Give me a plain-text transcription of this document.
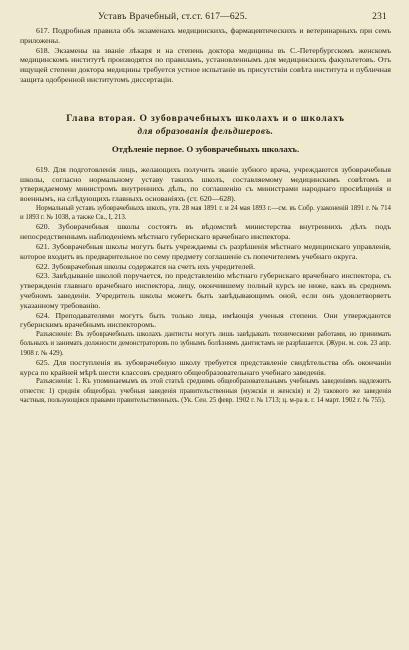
Уставъ Врачебный, ст.ст. 617—625.	231

617. Подробныя правила объ экзаменахъ медицинскихъ, фармацевтическихъ и ветеринарныхъ при семъ приложены.

618. Экзамены на званіе лѣкаря и на степень доктора медицины въ С.-Петербургскомъ женскомъ медицинскомъ институтѣ производятся по правиламъ, установленнымъ для медицинскихъ факультетовъ. Отъ ищущей степени доктора медицины требуется устное испытаніе въ присутствіи совѣта института и публичная защита одобренной институтомъ диссертаціи.

Глава вторая. О зубоврачебныхъ школахъ и о школахъ
для образованія фельдшеровъ.
Отдѣленіе первое. О зубоврачебныхъ школахъ.

619. Для подготовленія лицъ, желающихъ получить званіе зубного врача, учреждаются зубоврачебныя школы, согласно нормальному уставу такихъ школъ, составляемому медицинскимъ совѣтомъ и утверждаемому министромъ внутреннихъ дѣлъ, по соглашенію съ министрами народнаго просвѣщенія и военнымъ, на слѣдующихъ главныхъ основаніяхъ (ст. 620—628).

Нормальный уставъ зубоврачебныхъ школъ, утв. 28 мая 1891 г. и 24 мая 1893 г.—см. въ Собр. узаконеній 1891 г. № 714 и 1893 г. № 1038, а также Св., I, 213.

620. Зубоврачебныя школы состоятъ въ вѣдомствѣ министерства внутреннихъ дѣлъ подъ непосредственнымъ наблюденіемъ мѣстнаго губернскаго врачебнаго инспектора.

621. Зубоврачебныя школы могутъ быть учреждаемы съ разрѣшенія мѣстнаго медицинскаго управленія, которое входитъ въ предварительное по сему предмету соглашеніе съ попечителемъ учебнаго округа.

622. Зубоврачебныя школы содержатся на счетъ ихъ учредителей.

623. Завѣдываніе школой поручается, по представленію мѣстнаго губернскаго врачебнаго инспектора, съ утвержденія главнаго врачебнаго инспектора, лицу, окончившему полный курсъ не ниже, какъ въ среднемъ учебномъ заведеніи. Учредитель школы можетъ быть завѣдывающимъ оной, если онъ удовлетворяетъ указанному требованію.

624. Преподавателями могутъ быть только лица, имѣющія ученыя степени. Они утверждаются губернскимъ врачебнымъ инспекторомъ.

Разъясненіе: Въ зубоврачебныхъ школахъ дантисты могутъ лишь завѣдывать техническими работами, но принимать больныхъ и занимать должности демонстраторовъ по зубнымъ болѣзнямъ дантистамъ не разрѣшается. (Журн. м. сов. 23 апр. 1908 г. № 429).

625. Для поступленія въ зубоврачебную школу требуется представленіе свидѣтельства объ окончаніи курса по крайней мѣрѣ шести классовъ средняго общеобразовательнаго учебнаго заведенія.

Разъясненія: 1. Къ упоминаемымъ въ этой статьѣ среднимъ общеобразовательнымъ учебнымъ заведеніямъ надлежитъ отнести: 1) среднія общеобраз. учебныя заведенія правительственныя (мужскія и женскія) и 2) такового же заведенія частныя, пользующіяся правами правительственныхъ. (Ук. Сен. 25 февр. 1902 г. № 1713; ц. м-ра в. г. 14 март. 1902 г. № 755).
